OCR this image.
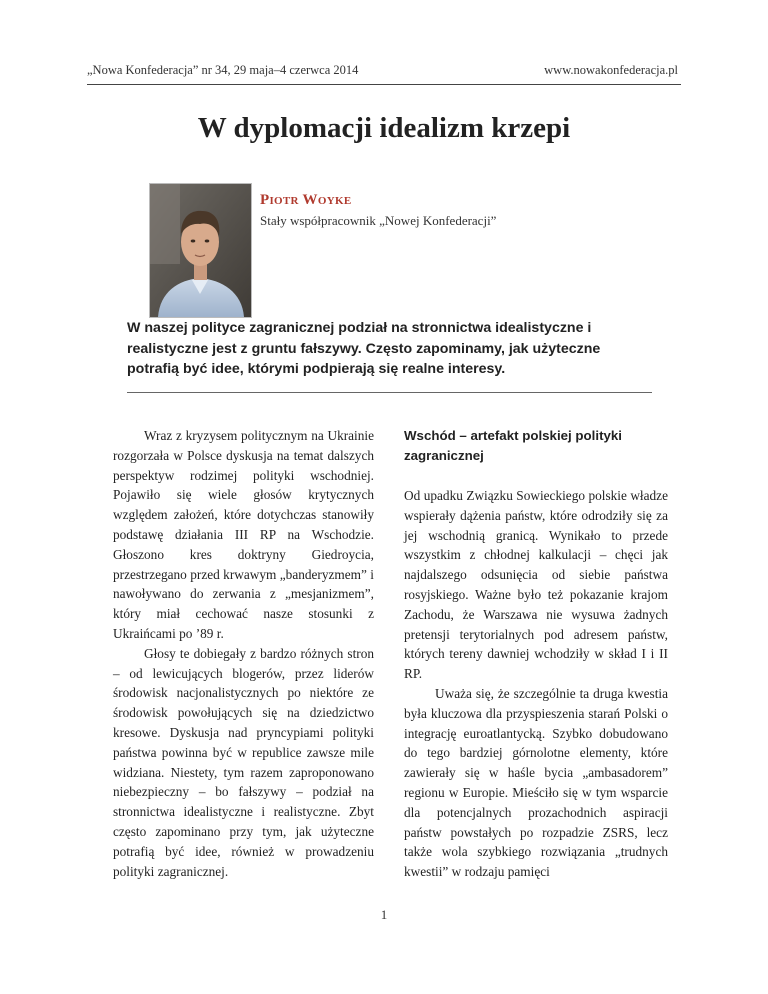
„Nowa Konfederacja” nr 34, 29 maja–4 czerwca 2014	www.nowakonfederacja.pl
W dyplomacji idealizm krzepi
Piotr Woyke
Stały współpracownik „Nowej Konfederacji”
W naszej polityce zagranicznej podział na stronnictwa idealistyczne i realistyczne jest z gruntu fałszywy. Często zapominamy, jak użyteczne potrafią być idee, którymi podpierają się realne interesy.

Wraz z kryzysem politycznym na Ukrainie rozgorzała w Polsce dyskusja na temat dalszych perspektyw rodzimej polityki wschodniej. Pojawiło się wiele głosów krytycznych względem założeń, które dotychczas stanowiły podstawę działania III RP na Wschodzie. Głoszono kres doktryny Giedroycia, przestrzegano przed krwawym „banderyzmem” i nawoływano do zerwania z „mesjanizmem”, który miał cechować nasze stosunki z Ukraińcami po ’89 r.

Głosy te dobiegały z bardzo różnych stron – od lewicujących blogerów, przez liderów środowisk nacjonalistycznych po niektóre ze środowisk powołujących się na dziedzictwo kresowe. Dyskusja nad pryncypiami polityki państwa powinna być w republice zawsze mile widziana. Niestety, tym razem zaproponowano niebezpieczny – bo fałszywy – podział na stronnictwa idealistyczne i realistyczne. Zbyt często zapominano przy tym, jak użyteczne potrafią być idee, również w prowadzeniu polityki zagranicznej.

Wschód – artefakt polskiej polityki zagranicznej

Od upadku Związku Sowieckiego polskie władze wspierały dążenia państw, które odrodziły się za jej wschodnią granicą. Wynikało to przede wszystkim z chłodnej kalkulacji – chęci jak najdalszego odsunięcia od siebie państwa rosyjskiego. Ważne było też pokazanie krajom Zachodu, że Warszawa nie wysuwa żadnych pretensji terytorialnych pod adresem państw, których tereny dawniej wchodziły w skład I i II RP.

Uważa się, że szczególnie ta druga kwestia była kluczowa dla przyspieszenia starań Polski o integrację euroatlantycką. Szybko dobudowano do tego bardziej górnolotne elementy, które zawierały się w haśle bycia „ambasadorem” regionu w Europie. Mieściło się w tym wsparcie dla potencjalnych prozachodnich aspiracji państw powstałych po rozpadzie ZSRS, lecz także wola szybkiego rozwiązania „trudnych kwestii” w rodzaju pamięci

1
